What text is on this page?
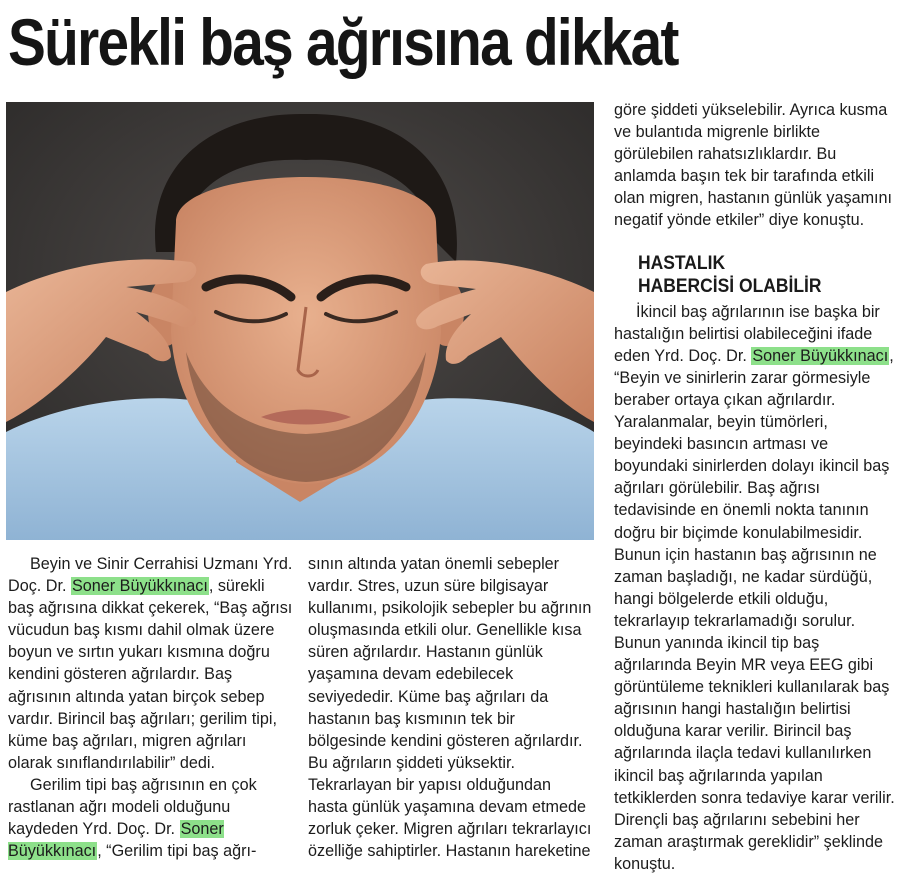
Sürekli baş ağrısına dikkat

Beyin ve Sinir Cerrahisi Uzmanı Yrd. Doç. Dr. Soner Büyükkınacı, sürekli baş ağrısına dikkat çekerek, “Baş ağrısı vücudun baş kısmı dahil olmak üzere boyun ve sırtın yukarı kısmına doğru kendini gösteren ağrılardır. Baş ağrısının altında yatan birçok sebep vardır. Birincil baş ağrıları; gerilim tipi, küme baş ağrıları, migren ağrıları olarak sınıflandırılabilir” dedi.

Gerilim tipi baş ağrısının en çok rastlanan ağrı modeli olduğunu kaydeden Yrd. Doç. Dr. Soner Büyükkınacı, “Gerilim tipi baş ağrı-

sının altında yatan önemli sebepler vardır. Stres, uzun süre bilgisayar kullanımı, psikolojik sebepler bu ağrının oluşmasında etkili olur. Genellikle kısa süren ağrılardır. Hastanın günlük yaşamına devam edebilecek seviyededir. Küme baş ağrıları da hastanın baş kısmının tek bir bölgesinde kendini gösteren ağrılardır. Bu ağrıların şiddeti yüksektir. Tekrarlayan bir yapısı olduğundan hasta günlük yaşamına devam etmede zorluk çeker. Migren ağrıları tekrarlayıcı özelliğe sahiptirler. Hastanın hareketine

göre şiddeti yükselebilir. Ayrıca kusma ve bulantıda migrenle birlikte görülebilen rahatsızlıklardır. Bu anlamda başın tek bir tarafında etkili olan migren, hastanın günlük yaşamını negatif yönde etkiler” diye konuştu.

HASTALIK
HABERCİSİ OLABİLİR

İkincil baş ağrılarının ise başka bir hastalığın belirtisi olabileceğini ifade eden Yrd. Doç. Dr. Soner Büyükkınacı, “Beyin ve sinirlerin zarar görmesiyle beraber ortaya çıkan ağrılardır. Yaralanmalar, beyin tümörleri, beyindeki basıncın artması ve boyundaki sinirlerden dolayı ikincil baş ağrıları görülebilir. Baş ağrısı tedavisinde en önemli nokta tanının doğru bir biçimde konulabilmesidir. Bunun için hastanın baş ağrısının ne zaman başladığı, ne kadar sürdüğü, hangi bölgelerde etkili olduğu, tekrarlayıp tekrarlamadığı sorulur. Bunun yanında ikincil tip baş ağrılarında Beyin MR veya EEG gibi görüntüleme teknikleri kullanılarak baş ağrısının hangi hastalığın belirtisi olduğuna karar verilir. Birincil baş ağrılarında ilaçla tedavi kullanılırken ikincil baş ağrılarında yapılan tetkiklerden sonra tedaviye karar verilir. Dirençli baş ağrılarını sebebini her zaman araştırmak gereklidir” şeklinde konuştu.
